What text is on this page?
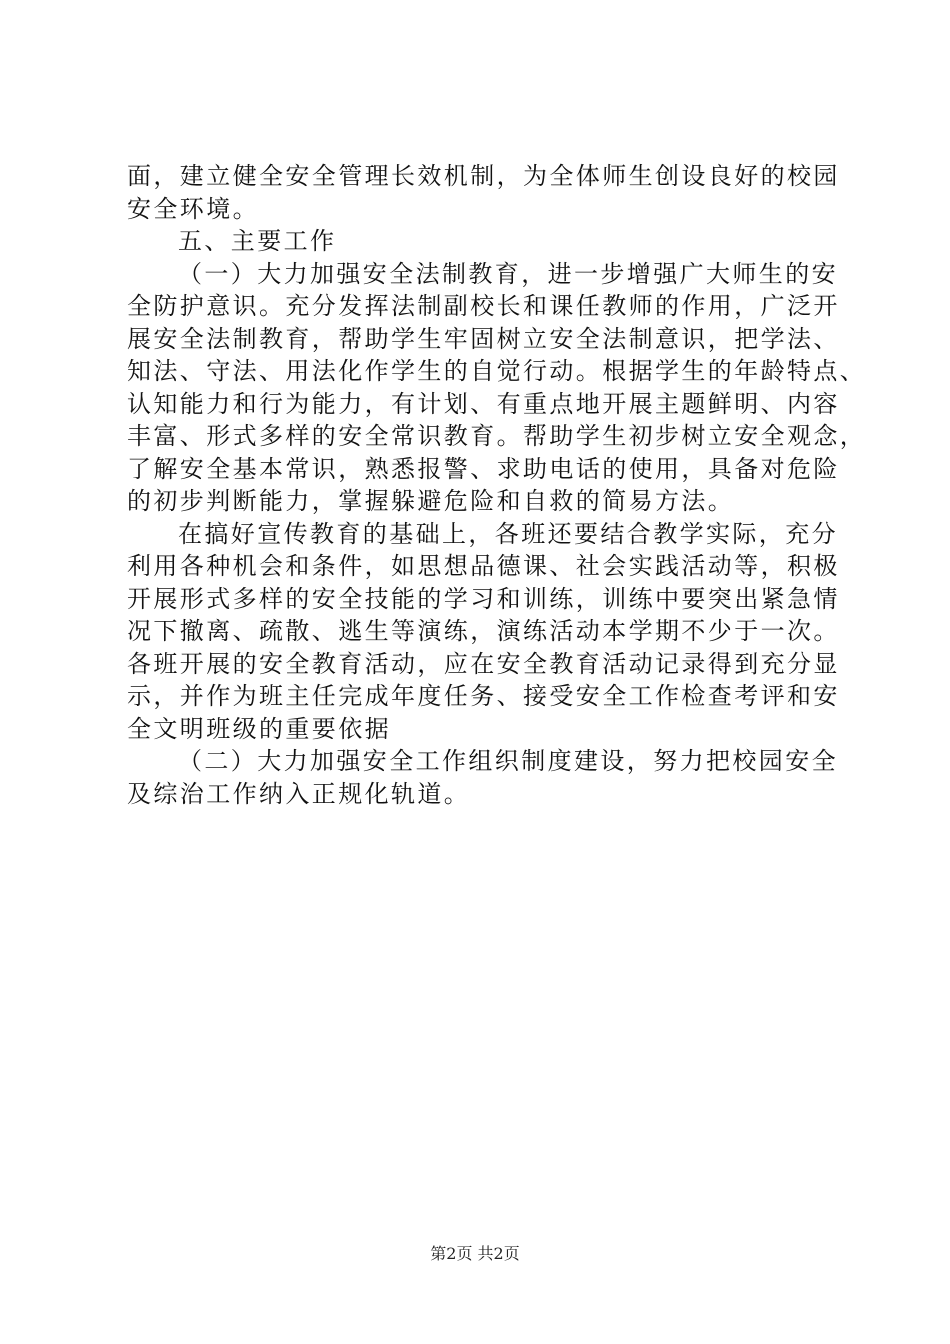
面，建立健全安全管理长效机制，为全体师生创设良好的校园
安全环境。
五、主要工作
（一）大力加强安全法制教育，进一步增强广大师生的安
全防护意识。充分发挥法制副校长和课任教师的作用，广泛开
展安全法制教育，帮助学生牢固树立安全法制意识，把学法、
知法、守法、用法化作学生的自觉行动。根据学生的年龄特点、
认知能力和行为能力，有计划、有重点地开展主题鲜明、内容
丰富、形式多样的安全常识教育。帮助学生初步树立安全观念，
了解安全基本常识，熟悉报警、求助电话的使用，具备对危险
的初步判断能力，掌握躲避危险和自救的简易方法。
在搞好宣传教育的基础上，各班还要结合教学实际，充分
利用各种机会和条件，如思想品德课、社会实践活动等，积极
开展形式多样的安全技能的学习和训练，训练中要突出紧急情
况下撤离、疏散、逃生等演练，演练活动本学期不少于一次。
各班开展的安全教育活动，应在安全教育活动记录得到充分显
示，并作为班主任完成年度任务、接受安全工作检查考评和安
全文明班级的重要依据
（二）大力加强安全工作组织制度建设，努力把校园安全
及综治工作纳入正规化轨道。
第2页 共2页
